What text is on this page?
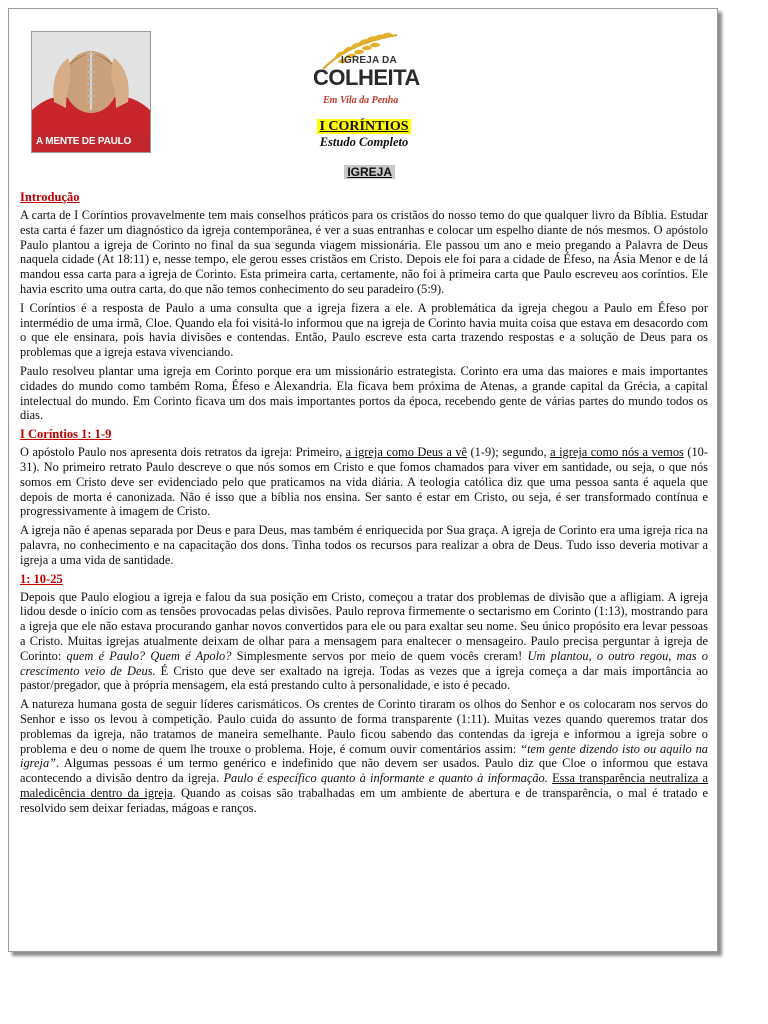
A MENTE DE PAULO
IGREJA DA
COLHEITA
Em Vila da Penha
I CORÍNTIOS
Estudo Completo
IGREJA
Introdução

A carta de I Coríntios provavelmente tem mais conselhos práticos para os cristãos do nosso temo do que qualquer livro da Bíblia. Estudar esta carta é fazer um diagnóstico da igreja contemporânea, é ver a suas entranhas e colocar um espelho diante de nós mesmos. O apóstolo Paulo plantou a igreja de Corinto no final da sua segunda viagem missionária. Ele passou um ano e meio pregando a Palavra de Deus naquela cidade (At 18:11) e, nesse tempo, ele gerou esses cristãos em Cristo. Depois ele foi para a cidade de Éfeso, na Ásia Menor e de lá mandou essa carta para a igreja de Corinto. Esta primeira carta, certamente, não foi à primeira carta que Paulo escreveu aos coríntios. Ele havia escrito uma outra carta, do que não temos conhecimento do seu paradeiro (5:9).

I Coríntios é a resposta de Paulo a uma consulta que a igreja fizera a ele. A problemática da igreja chegou a Paulo em Éfeso por intermédio de uma irmã, Cloe. Quando ela foi visitá-lo informou que na igreja de Corinto havia muita coisa que estava em desacordo com o que ele ensinara, pois havia divisões e contendas. Então, Paulo escreve esta carta trazendo respostas e a solução de Deus para os problemas que a igreja estava vivenciando.

Paulo resolveu plantar uma igreja em Corinto porque era um missionário estrategista. Corinto era uma das maiores e mais importantes cidades do mundo como também Roma, Éfeso e Alexandria. Ela ficava bem próxima de Atenas, a grande capital da Grécia, a capital intelectual do mundo. Em Corinto ficava um dos mais importantes portos da época, recebendo gente de várias partes do mundo todos os dias.

I Coríntios 1: 1-9

O apóstolo Paulo nos apresenta dois retratos da igreja: Primeiro, a igreja como Deus a vê (1-9); segundo, a igreja como nós a vemos (10-31). No primeiro retrato Paulo descreve o que nós somos em Cristo e que fomos chamados para viver em santidade, ou seja, o que nós somos em Cristo deve ser evidenciado pelo que praticamos na vida diária. A teologia católica diz que uma pessoa santa é aquela que depois de morta é canonizada. Não é isso que a bíblia nos ensina. Ser santo é estar em Cristo, ou seja, é ser transformado contínua e progressivamente à imagem de Cristo.

A igreja não é apenas separada por Deus e para Deus, mas também é enriquecida por Sua graça. A igreja de Corinto era uma igreja rica na palavra, no conhecimento e na capacitação dos dons. Tinha todos os recursos para realizar a obra de Deus. Tudo isso deveria motivar a igreja a uma vida de santidade.

1: 10-25

Depois que Paulo elogiou a igreja e falou da sua posição em Cristo, começou a tratar dos problemas de divisão que a afligiam. A igreja lidou desde o início com as tensões provocadas pelas divisões. Paulo reprova firmemente o sectarismo em Corinto (1:13), mostrando para a igreja que ele não estava procurando ganhar novos convertidos para ele ou para exaltar seu nome. Seu único propósito era levar pessoas a Cristo. Muitas igrejas atualmente deixam de olhar para a mensagem para enaltecer o mensageiro. Paulo precisa perguntar à igreja de Corinto: quem é Paulo? Quem é Apolo? Simplesmente servos por meio de quem vocês creram! Um plantou, o outro regou, mas o crescimento veio de Deus. É Cristo que deve ser exaltado na igreja. Todas as vezes que a igreja começa a dar mais importância ao pastor/pregador, que à própria mensagem, ela está prestando culto à personalidade, e isto é pecado.

A natureza humana gosta de seguir líderes carismáticos. Os crentes de Corinto tiraram os olhos do Senhor e os colocaram nos servos do Senhor e isso os levou à competição. Paulo cuida do assunto de forma transparente (1:11). Muitas vezes quando queremos tratar dos problemas da igreja, não tratamos de maneira semelhante. Paulo ficou sabendo das contendas da igreja e informou a igreja sobre o problema e deu o nome de quem lhe trouxe o problema. Hoje, é comum ouvir comentários assim: “tem gente dizendo isto ou aquilo na igreja”. Algumas pessoas é um termo genérico e indefinido que não devem ser usados. Paulo diz que Cloe o informou que estava acontecendo a divisão dentro da igreja. Paulo é específico quanto à informante e quanto à informação. Essa transparência neutraliza a maledicência dentro da igreja. Quando as coisas são trabalhadas em um ambiente de abertura e de transparência, o mal é tratado e resolvido sem deixar feriadas, mágoas e ranços.
